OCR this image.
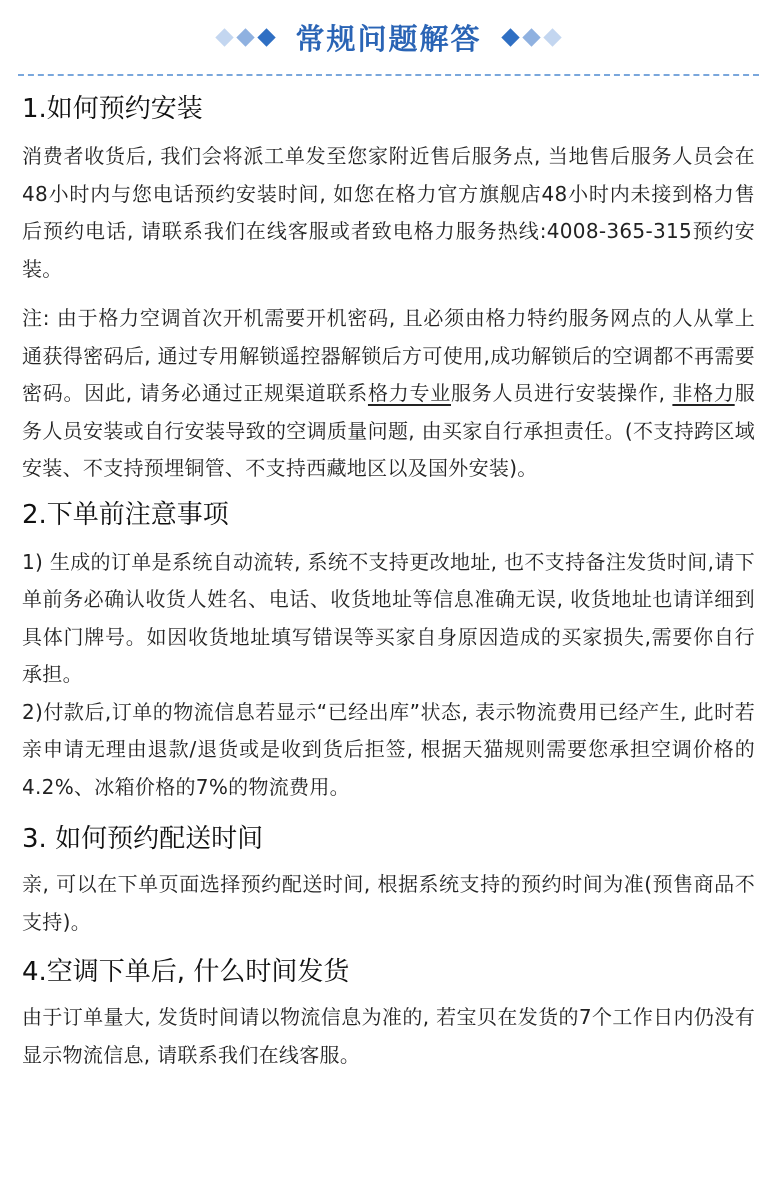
常规问题解答
1.如何预约安装

消费者收货后, 我们会将派工单发至您家附近售后服务点, 当地售后服务人员会在48小时内与您电话预约安装时间, 如您在格力官方旗舰店48小时内未接到格力售后预约电话, 请联系我们在线客服或者致电格力服务热线:4008-365-315预约安装。

注: 由于格力空调首次开机需要开机密码, 且必须由格力特约服务网点的人从掌上通获得密码后, 通过专用解锁遥控器解锁后方可使用,成功解锁后的空调都不再需要密码。因此, 请务必通过正规渠道联系格力专业服务人员进行安装操作, 非格力服务人员安装或自行安装导致的空调质量问题, 由买家自行承担责任。(不支持跨区域安装、不支持预埋铜管、不支持西藏地区以及国外安装)。

2.下单前注意事项

1) 生成的订单是系统自动流转, 系统不支持更改地址, 也不支持备注发货时间,请下单前务必确认收货人姓名、电话、收货地址等信息准确无误, 收货地址也请详细到具体门牌号。如因收货地址填写错误等买家自身原因造成的买家损失,需要你自行承担。

2)付款后,订单的物流信息若显示“已经出库”状态, 表示物流费用已经产生, 此时若亲申请无理由退款/退货或是收到货后拒签, 根据天猫规则需要您承担空调价格的4.2%、冰箱价格的7%的物流费用。

3. 如何预约配送时间

亲, 可以在下单页面选择预约配送时间, 根据系统支持的预约时间为准(预售商品不支持)。

4.空调下单后, 什么时间发货

由于订单量大, 发货时间请以物流信息为准的, 若宝贝在发货的7个工作日内仍没有显示物流信息, 请联系我们在线客服。
